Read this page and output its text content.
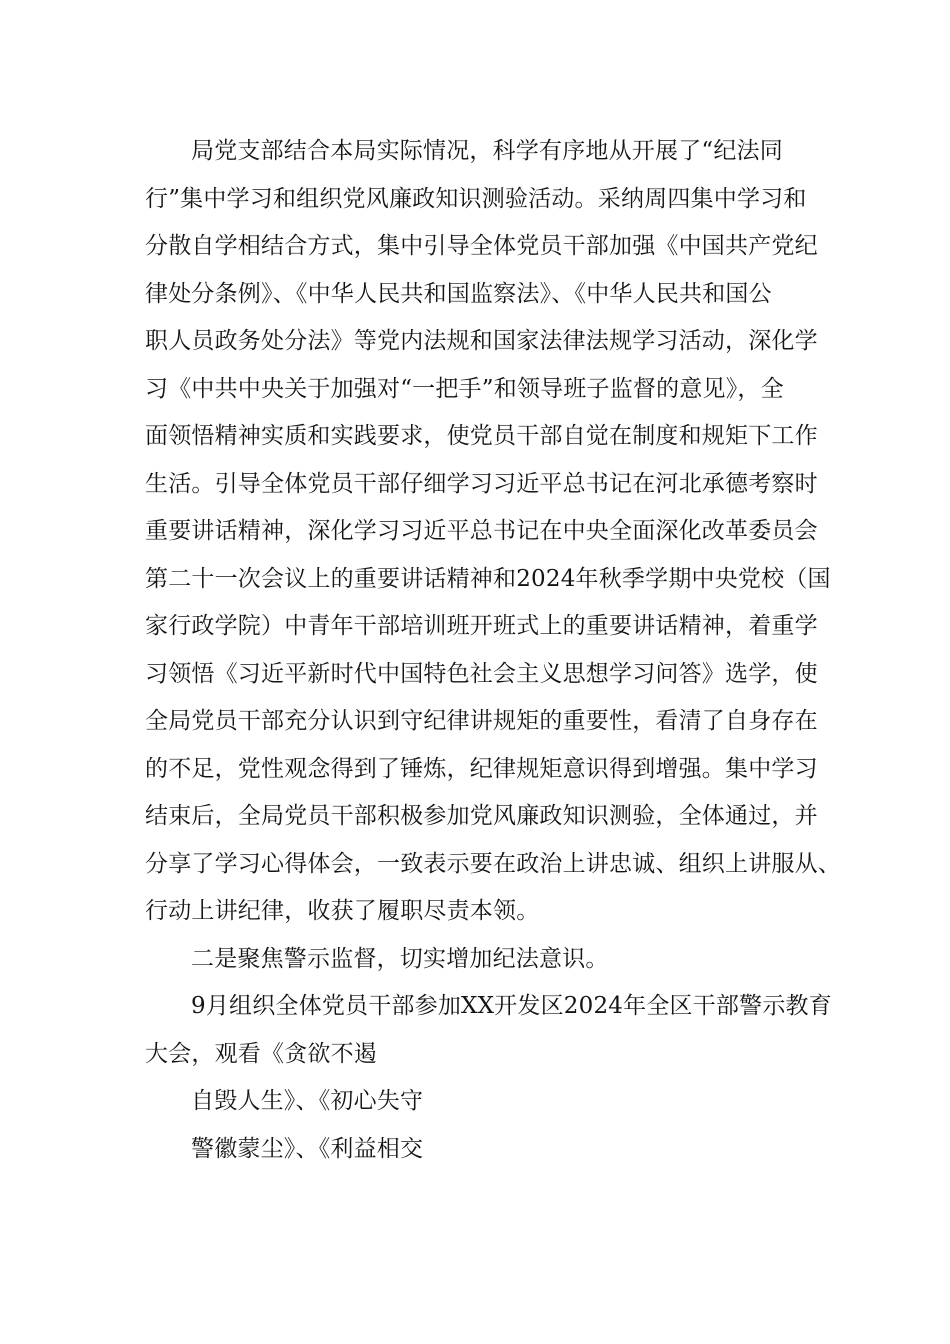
局党支部结合本局实际情况，科学有序地从开展了“纪法同
行”集中学习和组织党风廉政知识测验活动。采纳周四集中学习和
分散自学相结合方式，集中引导全体党员干部加强《中国共产党纪
律处分条例》、《中华人民共和国监察法》、《中华人民共和国公
职人员政务处分法》等党内法规和国家法律法规学习活动，深化学
习《中共中央关于加强对“一把手”和领导班子监督的意见》，全
面领悟精神实质和实践要求，使党员干部自觉在制度和规矩下工作
生活。引导全体党员干部仔细学习习近平总书记在河北承德考察时
重要讲话精神，深化学习习近平总书记在中央全面深化改革委员会
第二十一次会议上的重要讲话精神和2024年秋季学期中央党校（国
家行政学院）中青年干部培训班开班式上的重要讲话精神，着重学
习领悟《习近平新时代中国特色社会主义思想学习问答》选学，使
全局党员干部充分认识到守纪律讲规矩的重要性，看清了自身存在
的不足，党性观念得到了锤炼，纪律规矩意识得到增强。集中学习
结束后，全局党员干部积极参加党风廉政知识测验，全体通过，并
分享了学习心得体会，一致表示要在政治上讲忠诚、组织上讲服从、
行动上讲纪律，收获了履职尽责本领。
二是聚焦警示监督，切实增加纪法意识。
9月组织全体党员干部参加XX开发区2024年全区干部警示教育
大会，观看《贪欲不遏
自毁人生》、《初心失守
警徽蒙尘》、《利益相交
